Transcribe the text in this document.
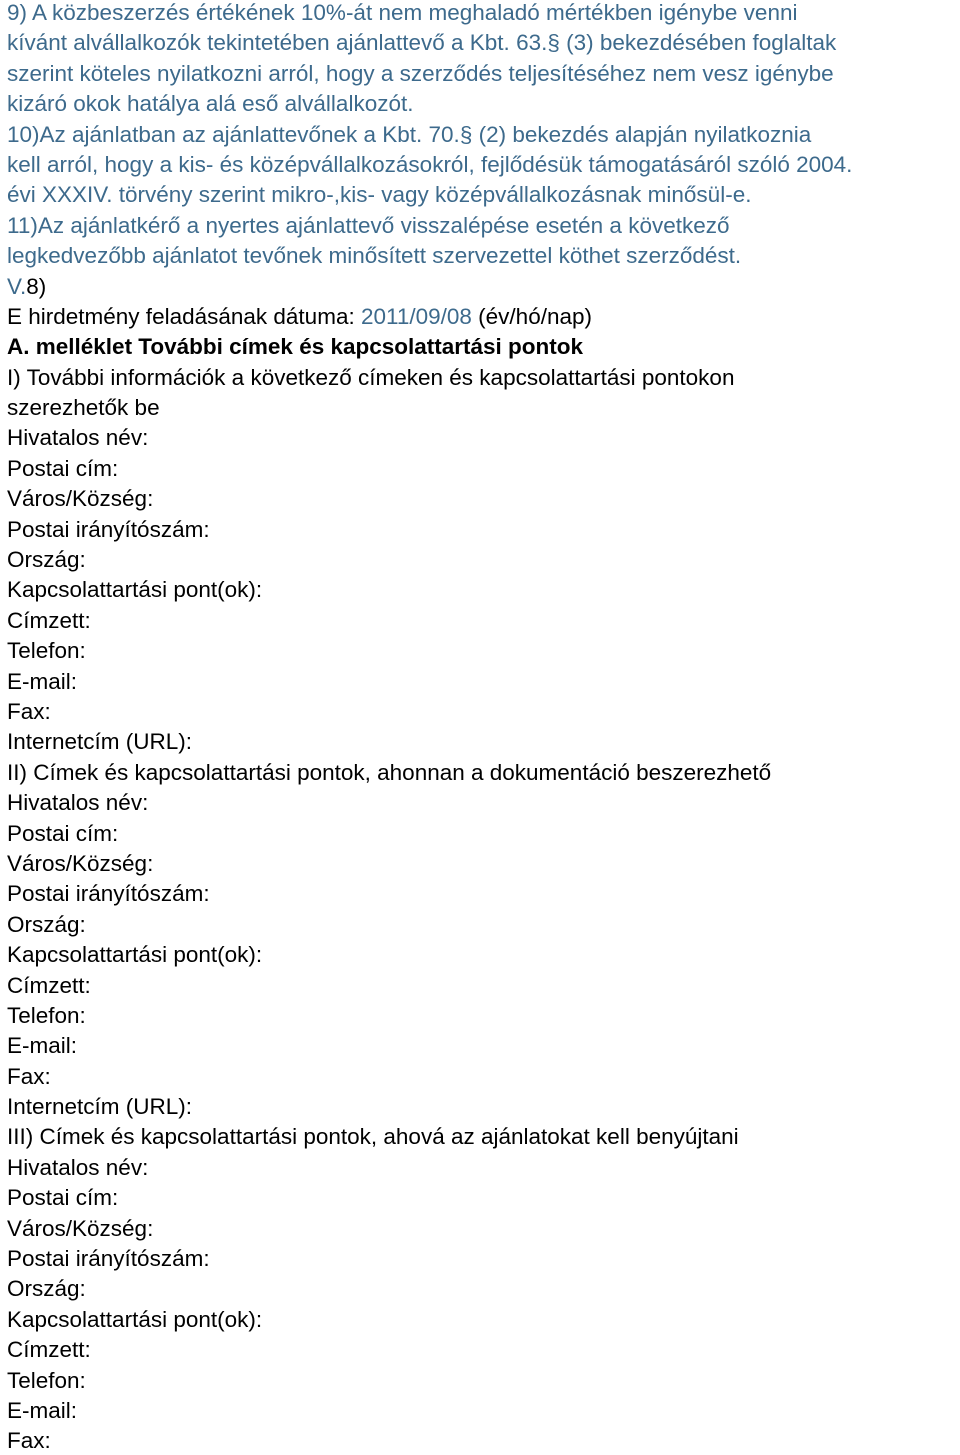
9) A közbeszerzés értékének 10%-át nem meghaladó mértékben igénybe venni
kívánt alvállalkozók tekintetében ajánlattevő a Kbt. 63.§ (3) bekezdésében foglaltak
szerint köteles nyilatkozni arról, hogy a szerződés teljesítéséhez nem vesz igénybe
kizáró okok hatálya alá eső alvállalkozót.
10)Az ajánlatban az ajánlattevőnek a Kbt. 70.§ (2) bekezdés alapján nyilatkoznia
kell arról, hogy a kis- és középvállalkozásokról, fejlődésük támogatásáról szóló 2004.
évi XXXIV. törvény szerint mikro-,kis- vagy középvállalkozásnak minősül-e.
11)Az ajánlatkérő a nyertes ajánlattevő visszalépése esetén a következő
legkedvezőbb ajánlatot tevőnek minősített szervezettel köthet szerződést.
V.8)
E hirdetmény feladásának dátuma: 2011/09/08 (év/hó/nap)
A. melléklet További címek és kapcsolattartási pontok
I) További információk a következő címeken és kapcsolattartási pontokon
szerezhetők be
Hivatalos név:
Postai cím:
Város/Község:
Postai irányítószám:
Ország:
Kapcsolattartási pont(ok):
Címzett:
Telefon:
E-mail:
Fax:
Internetcím (URL):
II) Címek és kapcsolattartási pontok, ahonnan a dokumentáció beszerezhető
Hivatalos név:
Postai cím:
Város/Község:
Postai irányítószám:
Ország:
Kapcsolattartási pont(ok):
Címzett:
Telefon:
E-mail:
Fax:
Internetcím (URL):
III) Címek és kapcsolattartási pontok, ahová az ajánlatokat kell benyújtani
Hivatalos név:
Postai cím:
Város/Község:
Postai irányítószám:
Ország:
Kapcsolattartási pont(ok):
Címzett:
Telefon:
E-mail:
Fax:
